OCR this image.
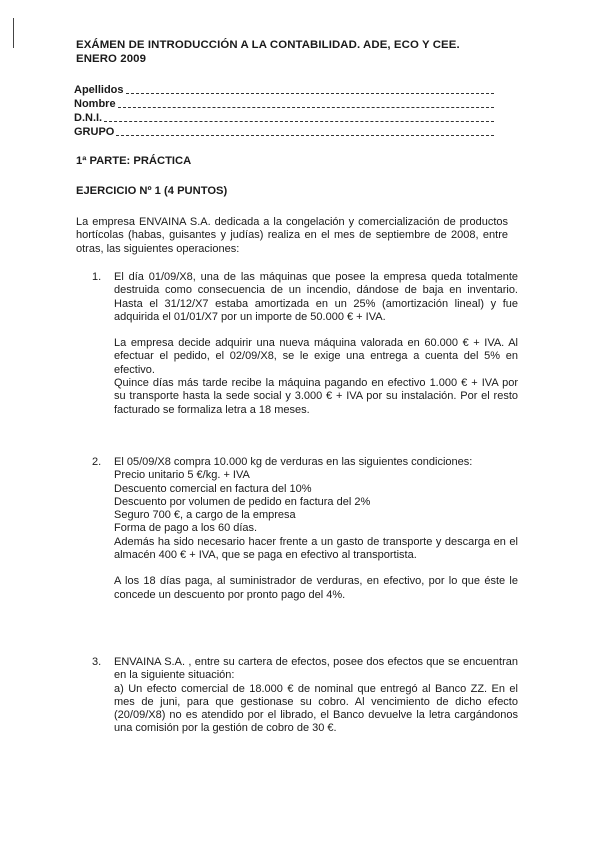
EXÁMEN DE INTRODUCCIÓN A LA CONTABILIDAD. ADE, ECO Y CEE.
ENERO 2009
Apellidos
Nombre
D.N.I.
GRUPO
1ª PARTE: PRÁCTICA
EJERCICIO Nº 1 (4 PUNTOS)
La empresa ENVAINA S.A. dedicada a la congelación y comercialización de productos hortícolas (habas, guisantes y judías) realiza en el mes de septiembre de 2008, entre otras, las siguientes operaciones:
1. El día 01/09/X8, una de las máquinas que posee la empresa queda totalmente destruida como consecuencia de un incendio, dándose de baja en inventario. Hasta el 31/12/X7 estaba amortizada en un 25% (amortización lineal) y fue adquirida el 01/01/X7 por un importe de 50.000 € + IVA.

La empresa decide adquirir una nueva máquina valorada en 60.000 € + IVA. Al efectuar el pedido, el 02/09/X8, se le exige una entrega a cuenta del 5% en efectivo.

Quince días más tarde recibe la máquina pagando en efectivo 1.000 € + IVA por su transporte hasta la sede social y 3.000 € + IVA por su instalación. Por el resto facturado se formaliza letra a 18 meses.

2. El 05/09/X8 compra 10.000 kg de verduras en las siguientes condiciones:

Precio unitario 5 €/kg. + IVA
Descuento comercial en factura del 10%
Descuento por volumen de pedido en factura del 2%
Seguro 700 €, a cargo de la empresa
Forma de pago a los 60 días.

Además ha sido necesario hacer frente a un gasto de transporte y descarga en el almacén 400 € + IVA, que se paga en efectivo al transportista.

A los 18 días paga, al suministrador de verduras, en efectivo, por lo que éste le concede un descuento por pronto pago del 4%.

3. ENVAINA S.A. , entre su cartera de efectos, posee dos efectos que se encuentran en la siguiente situación:

a) Un efecto comercial de 18.000 € de nominal que entregó al Banco ZZ. En el mes de juni, para que gestionase su cobro. Al vencimiento de dicho efecto (20/09/X8) no es atendido por el librado, el Banco devuelve la letra cargándonos una comisión por la gestión de cobro de 30 €.
